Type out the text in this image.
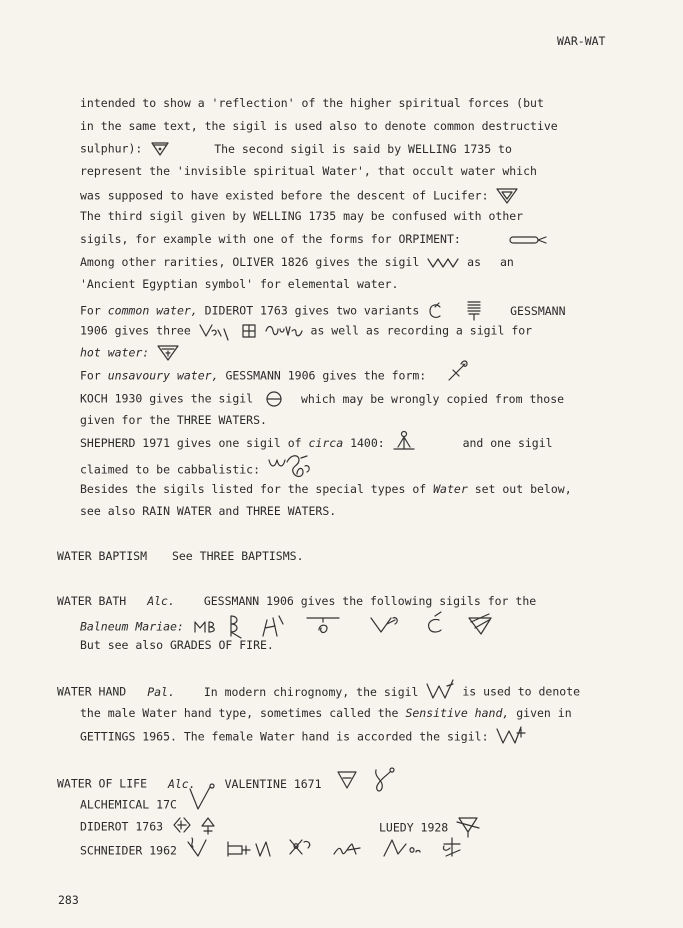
WAR-WAT
intended to show a 'reflection' of the higher spiritual forces (but
in the same text, the sigil is used also to denote common destructive
sulphur):	The second sigil is said by WELLING 1735 to
represent the 'invisible spiritual Water', that occult water which
was supposed to have existed before the descent of Lucifer:
The third sigil given by WELLING 1735 may be confused with other
sigils, for example with one of the forms for ORPIMENT:
Among other rarities, OLIVER 1826 gives the sigil	as an
'Ancient Egyptian symbol' for elemental water.
For common water, DIDEROT 1763 gives two variants	GESSMANN
1906 gives three	as well as recording a sigil for
hot water:
For unsavoury water, GESSMANN 1906 gives the form:
KOCH 1930 gives the sigil	which may be wrongly copied from those
given for the THREE WATERS.
SHEPHERD 1971 gives one sigil of circa 1400:	and one sigil
claimed to be cabbalistic:
Besides the sigils listed for the special types of Water set out below,
see also RAIN WATER and THREE WATERS.
WATER BAPTISM See THREE BAPTISMS.
WATER BATH Alc.	GESSMANN 1906 gives the following sigils for the
Balneum Mariae:
But see also GRADES OF FIRE.
WATER HAND Pal.	In modern chirognomy, the sigil	is used to denote
the male Water hand type, sometimes called the Sensitive hand, given in
GETTINGS 1965. The female Water hand is accorded the sigil:
WATER OF LIFE Alc.	VALENTINE 1671
ALCHEMICAL 17C
DIDEROT 1763	LUEDY 1928
SCHNEIDER 1962
283
